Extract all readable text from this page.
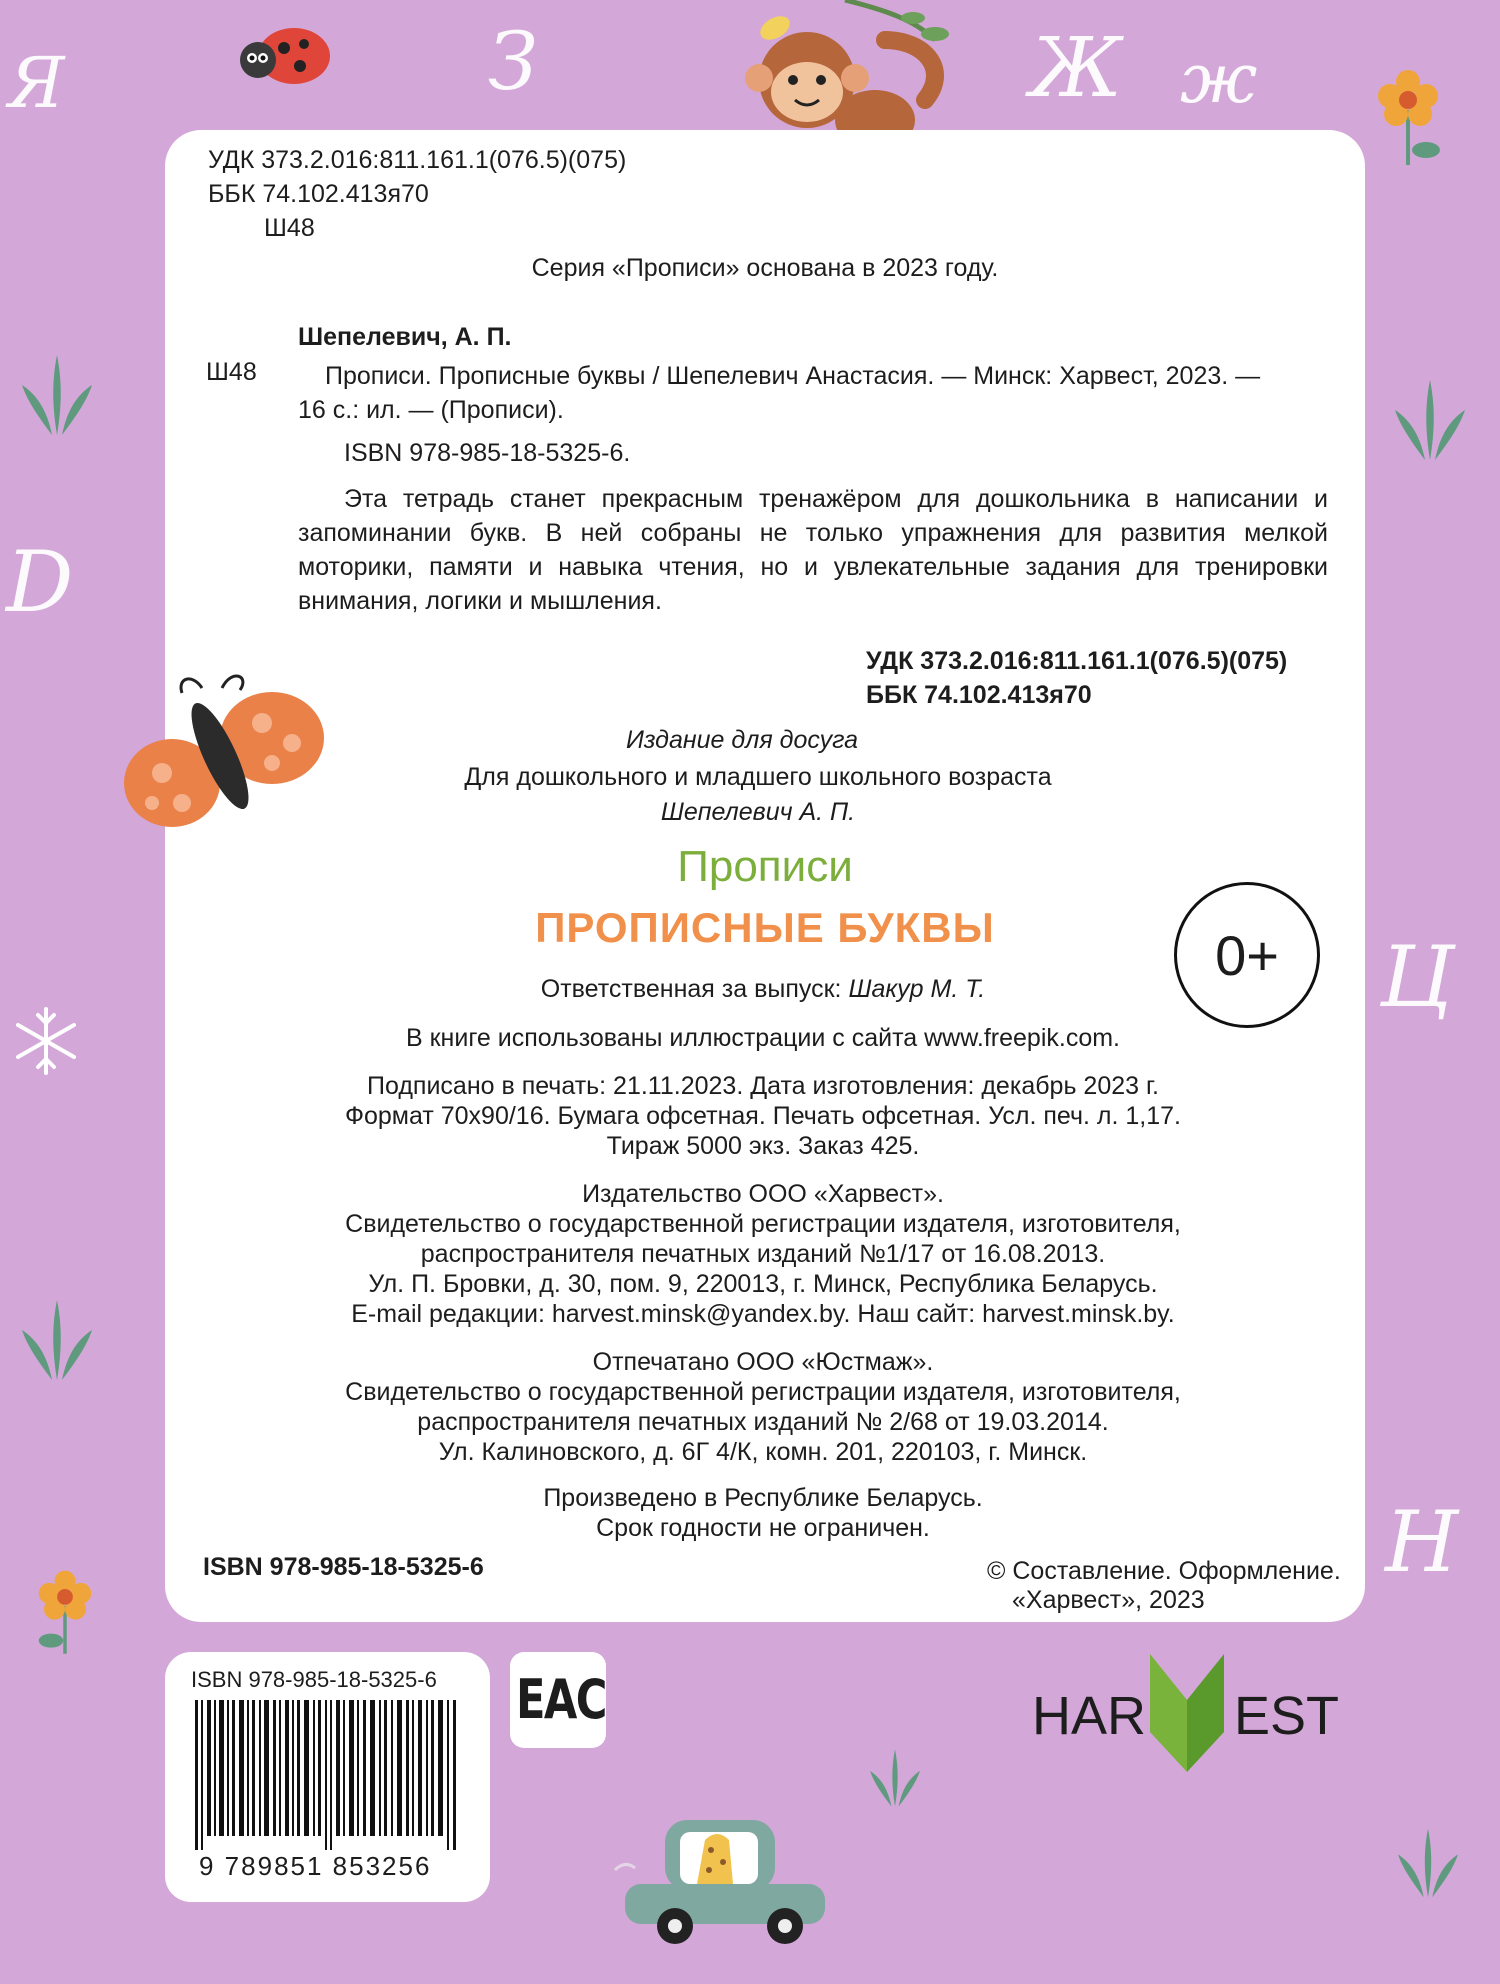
Я	З	Ж ж
D
Ц
Н
УДК 373.2.016:811.161.1(076.5)(075)
ББК 74.102.413я70
Ш48
Серия «Прописи» основана в 2023 году.
Шепелевич, А. П.
Ш48	Прописи. Прописные буквы / Шепелевич Анастасия. — Минск: Харвест, 2023. —
16 с.: ил. — (Прописи).
ISBN 978-985-18-5325-6.
Эта тетрадь станет прекрасным тренажёром для дошкольника в написании и запоминании букв. В ней собраны не только упражнения для развития мелкой моторики, памяти и навыка чтения, но и увлекательные задания для тренировки внимания, логики и мышления.
УДК 373.2.016:811.161.1(076.5)(075)
ББК 74.102.413я70
Издание для досуга
Для дошкольного и младшего школьного возраста
Шепелевич А. П.
Прописи
ПРОПИСНЫЕ БУКВЫ	0+
Ответственная за выпуск: Шакур М. Т.
В книге использованы иллюстрации с сайта www.freepik.com.
Подписано в печать: 21.11.2023. Дата изготовления: декабрь 2023 г.
Формат 70х90/16. Бумага офсетная. Печать офсетная. Усл. печ. л. 1,17.
Тираж 5000 экз. Заказ 425.
Издательство ООО «Харвест».
Свидетельство о государственной регистрации издателя, изготовителя,
распространителя печатных изданий №1/17 от 16.08.2013.
Ул. П. Бровки, д. 30, пом. 9, 220013, г. Минск, Республика Беларусь.
E-mail редакции: harvest.minsk@yandex.by. Наш сайт: harvest.minsk.by.
Отпечатано ООО «Юстмаж».
Свидетельство о государственной регистрации издателя, изготовителя,
распространителя печатных изданий № 2/68 от 19.03.2014.
Ул. Калиновского, д. 6Г 4/К, комн. 201, 220103, г. Минск.
Произведено в Республике Беларусь.
Срок годности не ограничен.
ISBN 978-985-18-5325-6	© Составление. Оформление.
«Харвест», 2023
ISBN 978-985-18-5325-6
9 789851 853256
EAC	HAR EST
